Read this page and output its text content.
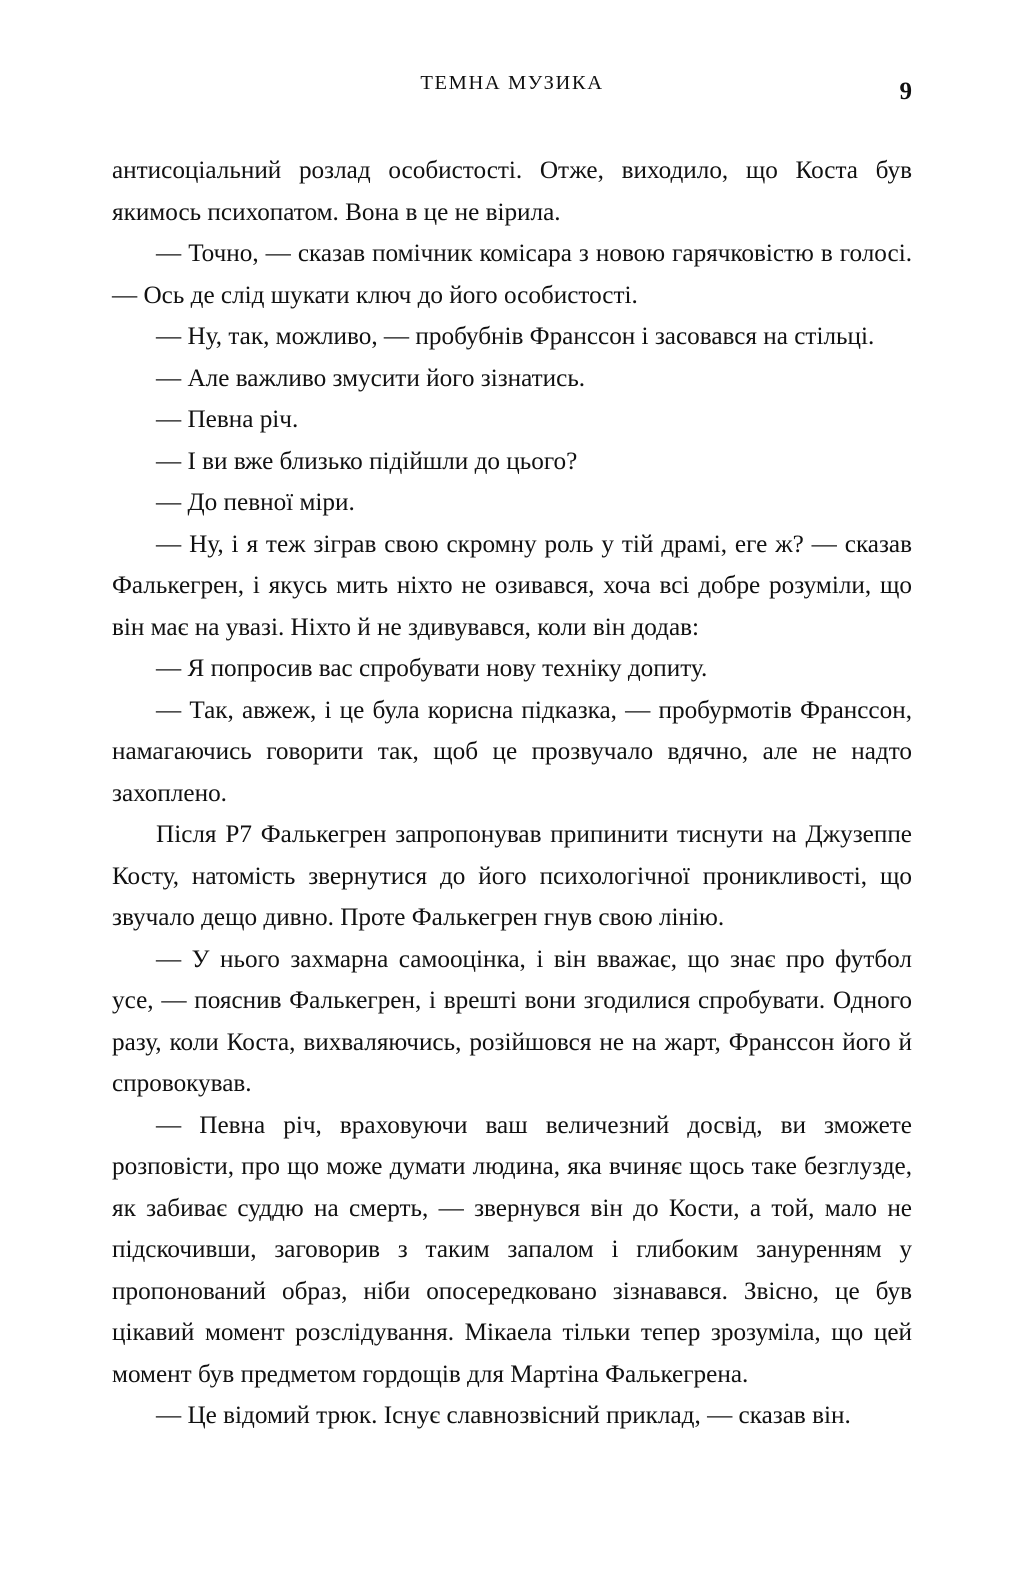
ТЕМНА МУЗИКА	9

антисоціальний розлад особистості. Отже, виходило, що Коста був якимось психопатом. Вона в це не вірила.

— Точно, — сказав помічник комісара з новою гарячковістю в голосі. — Ось де слід шукати ключ до його особистості.

— Ну, так, можливо, — пробубнів Франссон і засовався на стільці.

— Але важливо змусити його зізнатись.

— Певна річ.

— І ви вже близько підійшли до цього?

— До певної міри.

— Ну, і я теж зіграв свою скромну роль у тій драмі, еге ж? — сказав Фалькегрен, і якусь мить ніхто не озивався, хоча всі добре розуміли, що він має на увазі. Ніхто й не здивувався, коли він додав:

— Я попросив вас спробувати нову техніку допиту.

— Так, авжеж, і це була корисна підказка, — пробурмотів Франссон, намагаючись говорити так, щоб це прозвучало вдячно, але не надто захоплено.

Після Р7 Фалькегрен запропонував припинити тиснути на Джузеппе Косту, натомість звернутися до його психологічної проникливості, що звучало дещо дивно. Проте Фалькегрен гнув свою лінію.

— У нього захмарна самооцінка, і він вважає, що знає про футбол усе, — пояснив Фалькегрен, і врешті вони згодилися спробувати. Одного разу, коли Коста, вихваляючись, розійшовся не на жарт, Франссон його й спровокував.

— Певна річ, враховуючи ваш величезний досвід, ви зможете розповісти, про що може думати людина, яка вчиняє щось таке безглузде, як забиває суддю на смерть, — звернувся він до Кости, а той, мало не підскочивши, заговорив з таким запалом і глибоким зануренням у пропонований образ, ніби опосередковано зізнавався. Звісно, це був цікавий момент розслідування. Мікаела тільки тепер зрозуміла, що цей момент був предметом гордощів для Мартіна Фалькегрена.

— Це відомий трюк. Існує славнозвісний приклад, — сказав він.
